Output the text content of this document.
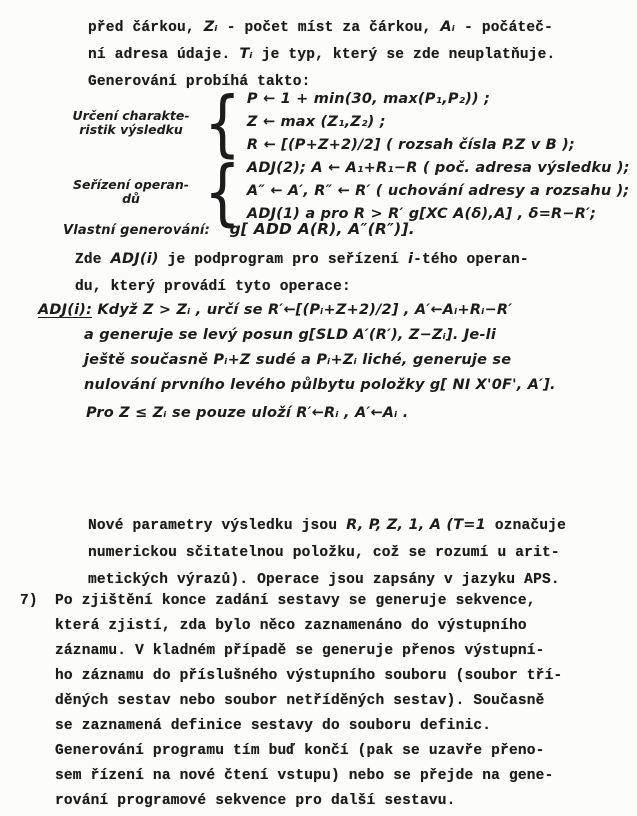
před čárkou, Zᵢ - počet míst za čárkou, Aᵢ - počáteč-
ní adresa údaje. Tᵢ je typ, který se zde neuplatňuje.
Generování probíhá takto:
Určení charakte-
ristik výsledku { P ← 1 + min(30, max(P₁,P₂)) ;
Z ← max (Z₁,Z₂) ;
R ← [(P+Z+2)/2] ( rozsah čísla P.Z v B );
Seřízení operan-
dů	{ ADJ(2); A ← A₁+R₁−R ( poč. adresa výsledku );
A″ ← A′, R″ ← R′ ( uchování adresy a rozsahu );
ADJ(1) a pro R > R′ g[XC A(δ),A] , δ=R−R′;
Vlastní generování: g[ ADD A(R), A″(R″)].
Zde ADJ(i) je podprogram pro seřízení i-tého operan-
du, který provádí tyto operace:
ADJ(i): Když Z > Zᵢ , určí se R′←[(Pᵢ+Z+2)/2] , A′←Aᵢ+Rᵢ−R′
a generuje se levý posun g[SLD A′(R′), Z−Zᵢ]. Je-li
ještě současně Pᵢ+Z sudé a Pᵢ+Zᵢ liché, generuje se
nulování prvního levého půlbytu položky g[ NI X'0F', A′].
Pro Z ≤ Zᵢ se pouze uloží R′←Rᵢ , A′←Aᵢ .
Nové parametry výsledku jsou R, P, Z, 1, A (T=1 označuje
numerickou sčitatelnou položku, což se rozumí u arit-
metických výrazů). Operace jsou zapsány v jazyku APS.
7) Po zjištění konce zadání sestavy se generuje sekvence,
která zjistí, zda bylo něco zaznamenáno do výstupního
záznamu. V kladném případě se generuje přenos výstupní-
ho záznamu do příslušného výstupního souboru (soubor tří-
děných sestav nebo soubor netříděných sestav). Současně
se zaznamená definice sestavy do souboru definic.
Generování programu tím buď končí (pak se uzavře přeno-
sem řízení na nové čtení vstupu) nebo se přejde na gene-
rování programové sekvence pro další sestavu.
